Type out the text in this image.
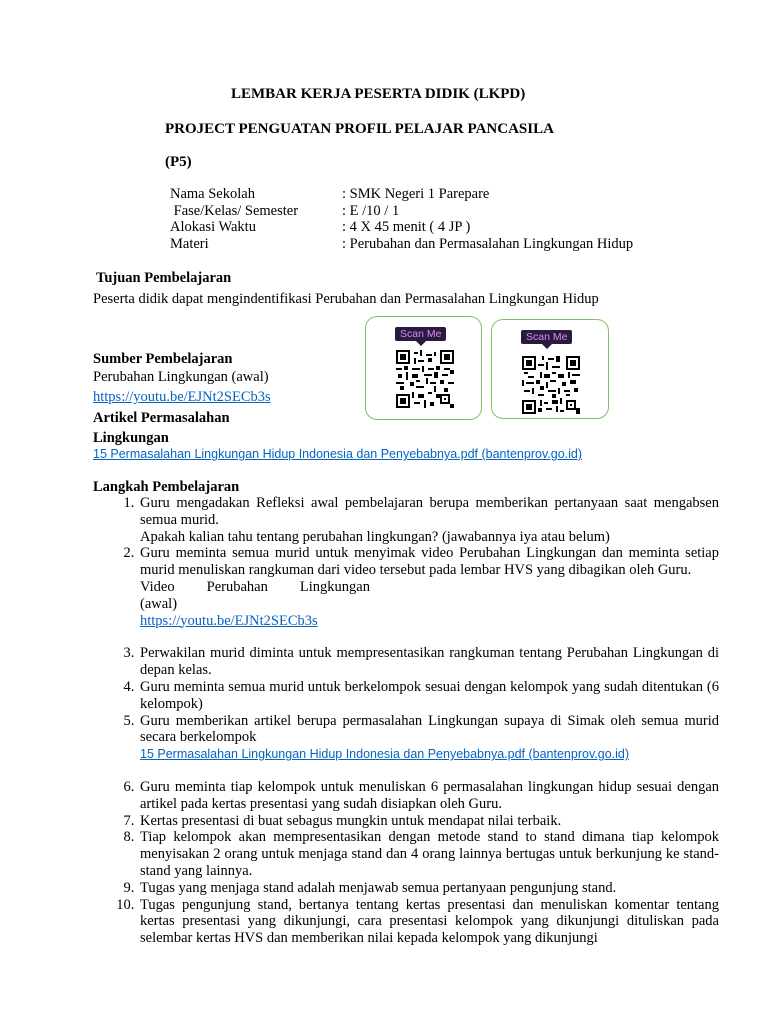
LEMBAR KERJA PESERTA DIDIK (LKPD)
PROJECT PENGUATAN PROFIL PELAJAR PANCASILA
(P5)
Nama Sekolah	: SMK Negeri 1 Parepare
Fase/Kelas/ Semester	: E /10 / 1
Alokasi Waktu	: 4 X 45 menit ( 4 JP )
Materi	: Perubahan dan Permasalahan Lingkungan Hidup
Tujuan Pembelajaran
Peserta didik dapat mengindentifikasi Perubahan dan Permasalahan Lingkungan Hidup
Scan Me	Scan Me
Sumber Pembelajaran
Perubahan Lingkungan (awal)
https://youtu.be/EJNt2SECb3s
Artikel Permasalahan
Lingkungan
15 Permasalahan Lingkungan Hidup Indonesia dan Penyebabnya.pdf (bantenprov.go.id)
Langkah Pembelajaran
1. Guru mengadakan Refleksi awal pembelajaran berupa memberikan pertanyaan saat mengabsen semua murid.
Apakah kalian tahu tentang perubahan lingkungan? (jawabannya iya atau belum)
2. Guru meminta semua murid untuk menyimak video Perubahan Lingkungan dan meminta setiap murid menuliskan rangkuman dari video tersebut pada lembar HVS yang dibagikan oleh Guru.
Video Perubahan Lingkungan
(awal)
https://youtu.be/EJNt2SECb3s
3. Perwakilan murid diminta untuk mempresentasikan rangkuman tentang Perubahan Lingkungan di depan kelas.
4. Guru meminta semua murid untuk berkelompok sesuai dengan kelompok yang sudah ditentukan (6 kelompok)
5. Guru memberikan artikel berupa permasalahan Lingkungan supaya di Simak oleh semua murid secara berkelompok
15 Permasalahan Lingkungan Hidup Indonesia dan Penyebabnya.pdf (bantenprov.go.id)
6. Guru meminta tiap kelompok untuk menuliskan 6 permasalahan lingkungan hidup sesuai dengan artikel pada kertas presentasi yang sudah disiapkan oleh Guru.
7. Kertas presentasi di buat sebagus mungkin untuk mendapat nilai terbaik.
8. Tiap kelompok akan mempresentasikan dengan metode stand to stand dimana tiap kelompok menyisakan 2 orang untuk menjaga stand dan 4 orang lainnya bertugas untuk berkunjung ke stand- stand yang lainnya.
9. Tugas yang menjaga stand adalah menjawab semua pertanyaan pengunjung stand.
10. Tugas pengunjung stand, bertanya tentang kertas presentasi dan menuliskan komentar tentang kertas presentasi yang dikunjungi, cara presentasi kelompok yang dikunjungi dituliskan pada selembar kertas HVS dan memberikan nilai kepada kelompok yang dikunjungi
